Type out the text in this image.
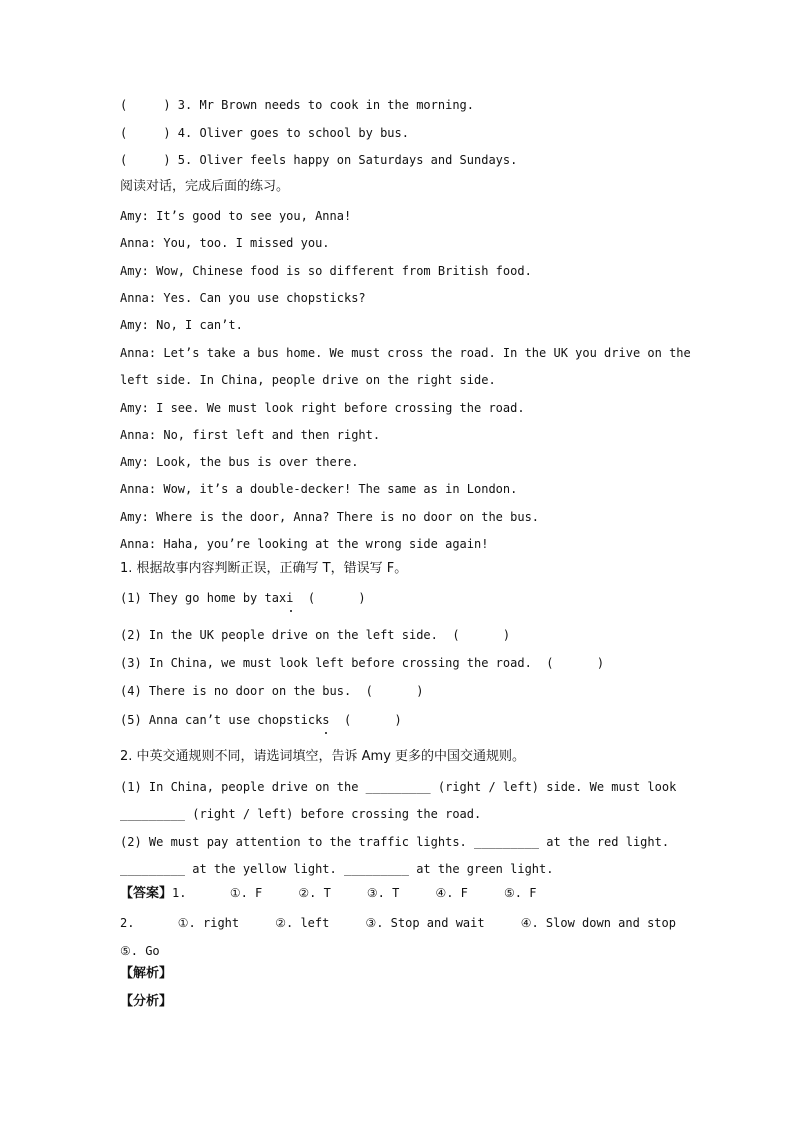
(     ) 3. Mr Brown needs to cook in the morning.
(     ) 4. Oliver goes to school by bus.
(     ) 5. Oliver feels happy on Saturdays and Sundays.
阅读对话，完成后面的练习。
Amy: It’s good to see you, Anna!
Anna: You, too. I missed you.
Amy: Wow, Chinese food is so different from British food.
Anna: Yes. Can you use chopsticks?
Amy: No, I can’t.
Anna: Let’s take a bus home. We must cross the road. In the UK you drive on the
left side. In China, people drive on the right side.
Amy: I see. We must look right before crossing the road.
Anna: No, first left and then right.
Amy: Look, the bus is over there.
Anna: Wow, it’s a double-decker! The same as in London.
Amy: Where is the door, Anna? There is no door on the bus.
Anna: Haha, you’re looking at the wrong side again!
1. 根据故事内容判断正误，正确写 T，错误写 F。
(1) They go home by taxi  (      )
(2) In the UK people drive on the left side.  (      )
(3) In China, we must look left before crossing the road.  (      )
(4) There is no door on the bus.  (      )
(5) Anna can’t use chopsticks  (      )
2. 中英交通规则不同，请选词填空，告诉 Amy 更多的中国交通规则。
(1) In China, people drive on the _________ (right / left) side. We must look
_________ (right / left) before crossing the road.
(2) We must pay attention to the traffic lights. _________ at the red light.
_________ at the yellow light. _________ at the green light.
【答案】1.      ①. F     ②. T     ③. T     ④. F     ⑤. F
2.      ①. right     ②. left     ③. Stop and wait     ④. Slow down and stop
⑤. Go
【解析】
【分析】
